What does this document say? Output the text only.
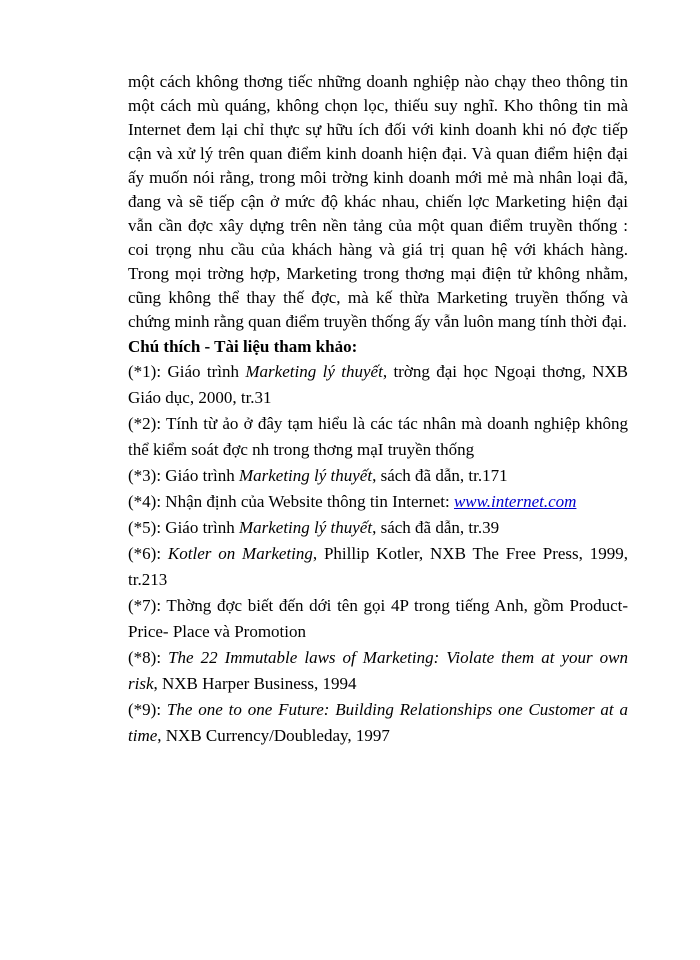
một cách không thơng tiếc những doanh nghiệp nào chạy theo thông tin một cách mù quáng, không chọn lọc, thiếu suy nghĩ. Kho thông tin mà Internet đem lại chỉ thực sự hữu ích đối với kinh doanh khi nó đợc tiếp cận và xử lý trên quan điểm kinh doanh hiện đại. Và quan điểm hiện đại ấy muốn nói rằng, trong môi trờng kinh doanh mới mẻ mà nhân loại đã, đang và sẽ tiếp cận ở mức độ khác nhau, chiến lợc Marketing hiện đại vẫn cần đợc xây dựng trên nền tảng của một quan điểm truyền thống : coi trọng nhu cầu của khách hàng và giá trị quan hệ với khách hàng. Trong mọi trờng hợp, Marketing trong thơng mại điện tử không nhằm, cũng không thể thay thế đợc, mà kế thừa Marketing truyền thống và chứng minh rằng quan điểm truyền thống ấy vẫn luôn mang tính thời đại.

Chú thích - Tài liệu tham khảo:

(*1): Giáo trình Marketing lý thuyết, trờng đại học Ngoại thơng, NXB Giáo dục, 2000, tr.31

(*2): Tính từ ảo ở đây tạm hiểu là các tác nhân mà doanh nghiệp không thể kiểm soát đợc nh trong thơng mạI truyền thống

(*3): Giáo trình Marketing lý thuyết, sách đã dẫn, tr.171

(*4): Nhận định của Website thông tin Internet: www.internet.com

(*5): Giáo trình Marketing lý thuyết, sách đã dẫn, tr.39

(*6): Kotler on Marketing, Phillip Kotler, NXB The Free Press, 1999, tr.213

(*7): Thờng đợc biết đến dới tên gọi 4P trong tiếng Anh, gồm Product- Price- Place và Promotion

(*8): The 22 Immutable laws of Marketing: Violate them at your own risk, NXB Harper Business, 1994

(*9): The one to one Future: Building Relationships one Customer at a time, NXB Currency/Doubleday, 1997
